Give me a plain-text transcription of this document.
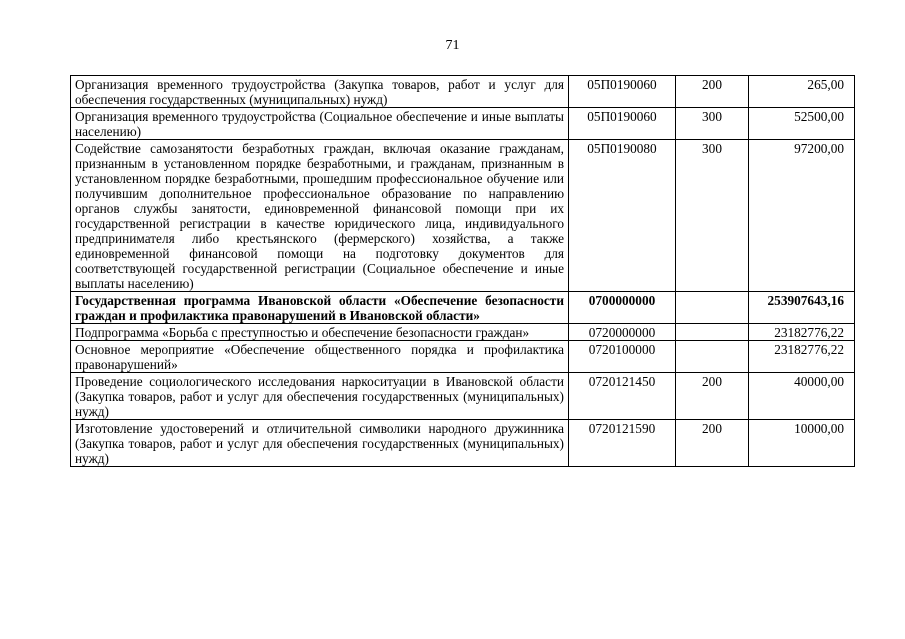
71
Организация временного трудоустройства (Закупка товаров, работ и услуг для обеспечения государственных (муниципальных) нужд)	05П0190060	200	265,00
Организация временного трудоустройства (Социальное обеспечение и иные выплаты населению)	05П0190060	300	52500,00
Содействие самозанятости безработных граждан, включая оказание гражданам, признанным в установленном порядке безработными, и гражданам, признанным в установленном порядке безработными, прошедшим профессиональное обучение или получившим дополнительное профессиональное образование по направлению органов службы занятости, единовременной финансовой помощи при их государственной регистрации в качестве юридического лица, индивидуального предпринимателя либо крестьянского (фермерского) хозяйства, а также единовременной финансовой помощи на подготовку документов для соответствующей государственной регистрации (Социальное обеспечение и иные выплаты населению)	05П0190080	300	97200,00
Государственная программа Ивановской области «Обеспечение безопасности граждан и профилактика правонарушений в Ивановской области»	0700000000		253907643,16
Подпрограмма «Борьба с преступностью и обеспечение безопасности граждан»	0720000000		23182776,22
Основное мероприятие «Обеспечение общественного порядка и профилактика правонарушений»	0720100000		23182776,22
Проведение социологического исследования наркоситуации в Ивановской области (Закупка товаров, работ и услуг для обеспечения государственных (муниципальных) нужд)	0720121450	200	40000,00
Изготовление удостоверений и отличительной символики народного дружинника (Закупка товаров, работ и услуг для обеспечения государственных (муниципальных) нужд)	0720121590	200	10000,00
